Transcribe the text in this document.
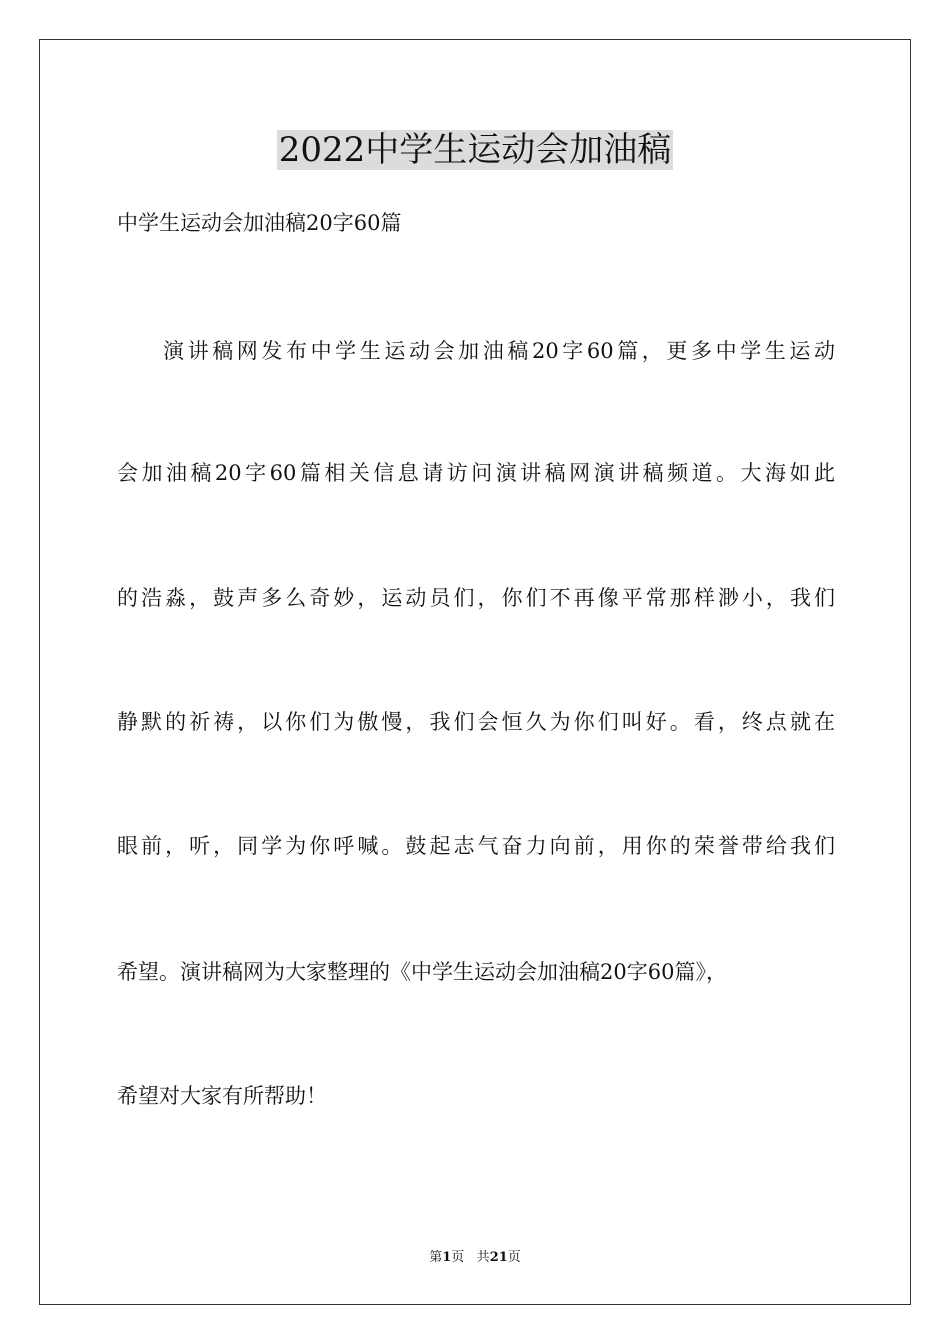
2022中学生运动会加油稿
中学生运动会加油稿20字60篇
演讲稿网发布中学生运动会加油稿20字60篇，更多中学生运动
会加油稿20字60篇相关信息请访问演讲稿网演讲稿频道。大海如此
的浩淼，鼓声多么奇妙，运动员们，你们不再像平常那样渺小，我们
静默的祈祷，以你们为傲慢，我们会恒久为你们叫好。看，终点就在
眼前，听，同学为你呼喊。鼓起志气奋力向前，用你的荣誉带给我们
希望。演讲稿网为大家整理的《中学生运动会加油稿20字60篇》，
希望对大家有所帮助！
第1页 共21页
